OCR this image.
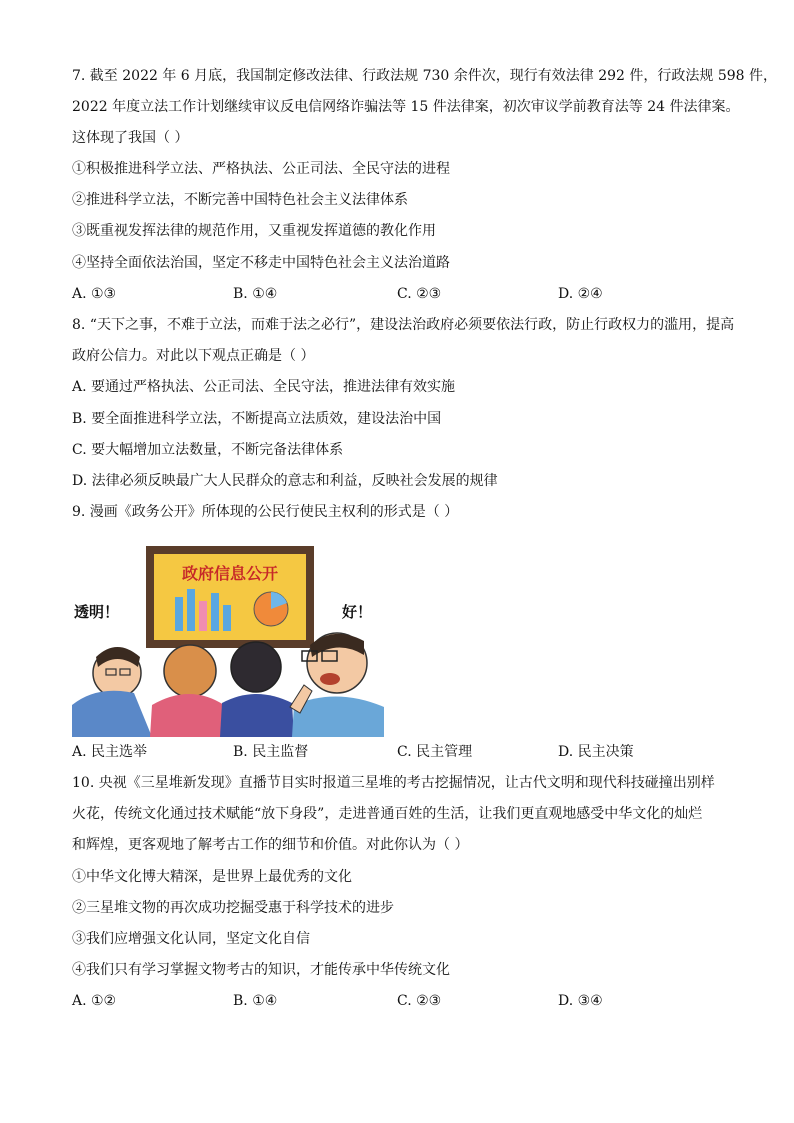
7. 截至 2022 年 6 月底，我国制定修改法律、行政法规 730 余件次，现行有效法律 292 件，行政法规 598 件，
2022 年度立法工作计划继续审议反电信网络诈骗法等 15 件法律案，初次审议学前教育法等 24 件法律案。
这体现了我国（ ）
①积极推进科学立法、严格执法、公正司法、全民守法的进程
②推进科学立法，不断完善中国特色社会主义法律体系
③既重视发挥法律的规范作用，又重视发挥道德的教化作用
④坚持全面依法治国，坚定不移走中国特色社会主义法治道路
A. ①③	B. ①④	C. ②③	D. ②④
8. “天下之事，不难于立法，而难于法之必行”，建设法治政府必须要依法行政，防止行政权力的滥用，提高
政府公信力。对此以下观点正确是（ ）
A. 要通过严格执法、公正司法、全民守法，推进法律有效实施
B. 要全面推进科学立法，不断提高立法质效，建设法治中国
C. 要大幅增加立法数量，不断完备法律体系
D. 法律必须反映最广大人民群众的意志和利益，反映社会发展的规律
9. 漫画《政务公开》所体现的公民行使民主权利的形式是（ ）
政府信息公开
透明！	好！
A. 民主选举	B. 民主监督	C. 民主管理	D. 民主决策
10. 央视《三星堆新发现》直播节目实时报道三星堆的考古挖掘情况，让古代文明和现代科技碰撞出别样
火花，传统文化通过技术赋能“放下身段”，走进普通百姓的生活，让我们更直观地感受中华文化的灿烂
和辉煌，更客观地了解考古工作的细节和价值。对此你认为（ ）
①中华文化博大精深，是世界上最优秀的文化
②三星堆文物的再次成功挖掘受惠于科学技术的进步
③我们应增强文化认同，坚定文化自信
④我们只有学习掌握文物考古的知识，才能传承中华传统文化
A. ①②	B. ①④	C. ②③	D. ③④
